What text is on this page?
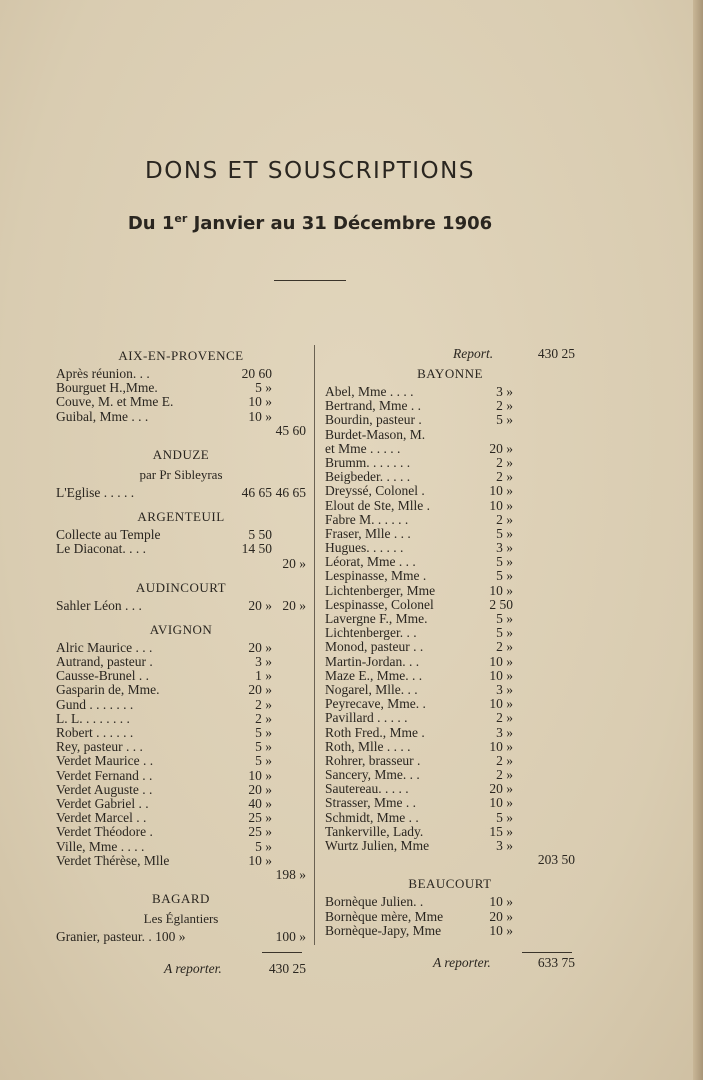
DONS ET SOUSCRIPTIONS
Du 1er Janvier au 31 Décembre 1906
AIX-EN-PROVENCE
Après réunion. . .	20 60
Bourguet H.,Mme.	5 »
Couve, M. et Mme E.	10 »
Guibal, Mme . . .	10 »
45 60
ANDUZE
par Pr Sibleyras
L'Eglise . . . . .	46 65 46 65
ARGENTEUIL
Collecte au Temple	5 50
Le Diaconat. . . .	14 50
20 »
AUDINCOURT
Sahler Léon . . .	20 » 20 »
AVIGNON
Alric Maurice . . .	20 »
Autrand, pasteur .	3 »
Causse-Brunel . .	1 »
Gasparin de, Mme.	20 »
Gund . . . . . . .	2 »
L. L. . . . . . . .	2 »
Robert . . . . . .	5 »
Rey, pasteur . . .	5 »
Verdet Maurice . .	5 »
Verdet Fernand . .	10 »
Verdet Auguste . .	20 »
Verdet Gabriel . .	40 »
Verdet Marcel . .	25 »
Verdet Théodore .	25 »
Ville, Mme . . . .	5 »
Verdet Thérèse, Mlle	10 »
198 »
BAGARD
Les Églantiers
Granier, pasteur. . 100 »	100 »
A reporter.	430 25
Report.	430 25
BAYONNE
Abel, Mme . . . .	3 »
Bertrand, Mme . .	2 »
Bourdin, pasteur .	5 »
Burdet-Mason, M.
et Mme . . . . .	20 »
Brumm. . . . . . .	2 »
Beigbeder. . . . .	2 »
Dreyssé, Colonel .	10 »
Elout de Ste, Mlle .	10 »
Fabre M. . . . . .	2 »
Fraser, Mlle . . .	5 »
Hugues. . . . . .	3 »
Léorat, Mme . . .	5 »
Lespinasse, Mme .	5 »
Lichtenberger, Mme	10 »
Lespinasse, Colonel	2 50
Lavergne F., Mme.	5 »
Lichtenberger. . .	5 »
Monod, pasteur . .	2 »
Martin-Jordan. . .	10 »
Maze E., Mme. . .	10 »
Nogarel, Mlle. . .	3 »
Peyrecave, Mme. .	10 »
Pavillard . . . . .	2 »
Roth Fred., Mme .	3 »
Roth, Mlle . . . .	10 »
Rohrer, brasseur .	2 »
Sancery, Mme. . .	2 »
Sautereau. . . . .	20 »
Strasser, Mme . .	10 »
Schmidt, Mme . .	5 »
Tankerville, Lady.	15 »
Wurtz Julien, Mme	3 »
203 50
BEAUCOURT
Bornèque Julien. .	10 »
Bornèque mère, Mme	20 »
Bornèque-Japy, Mme	10 »
A reporter.	633 75
